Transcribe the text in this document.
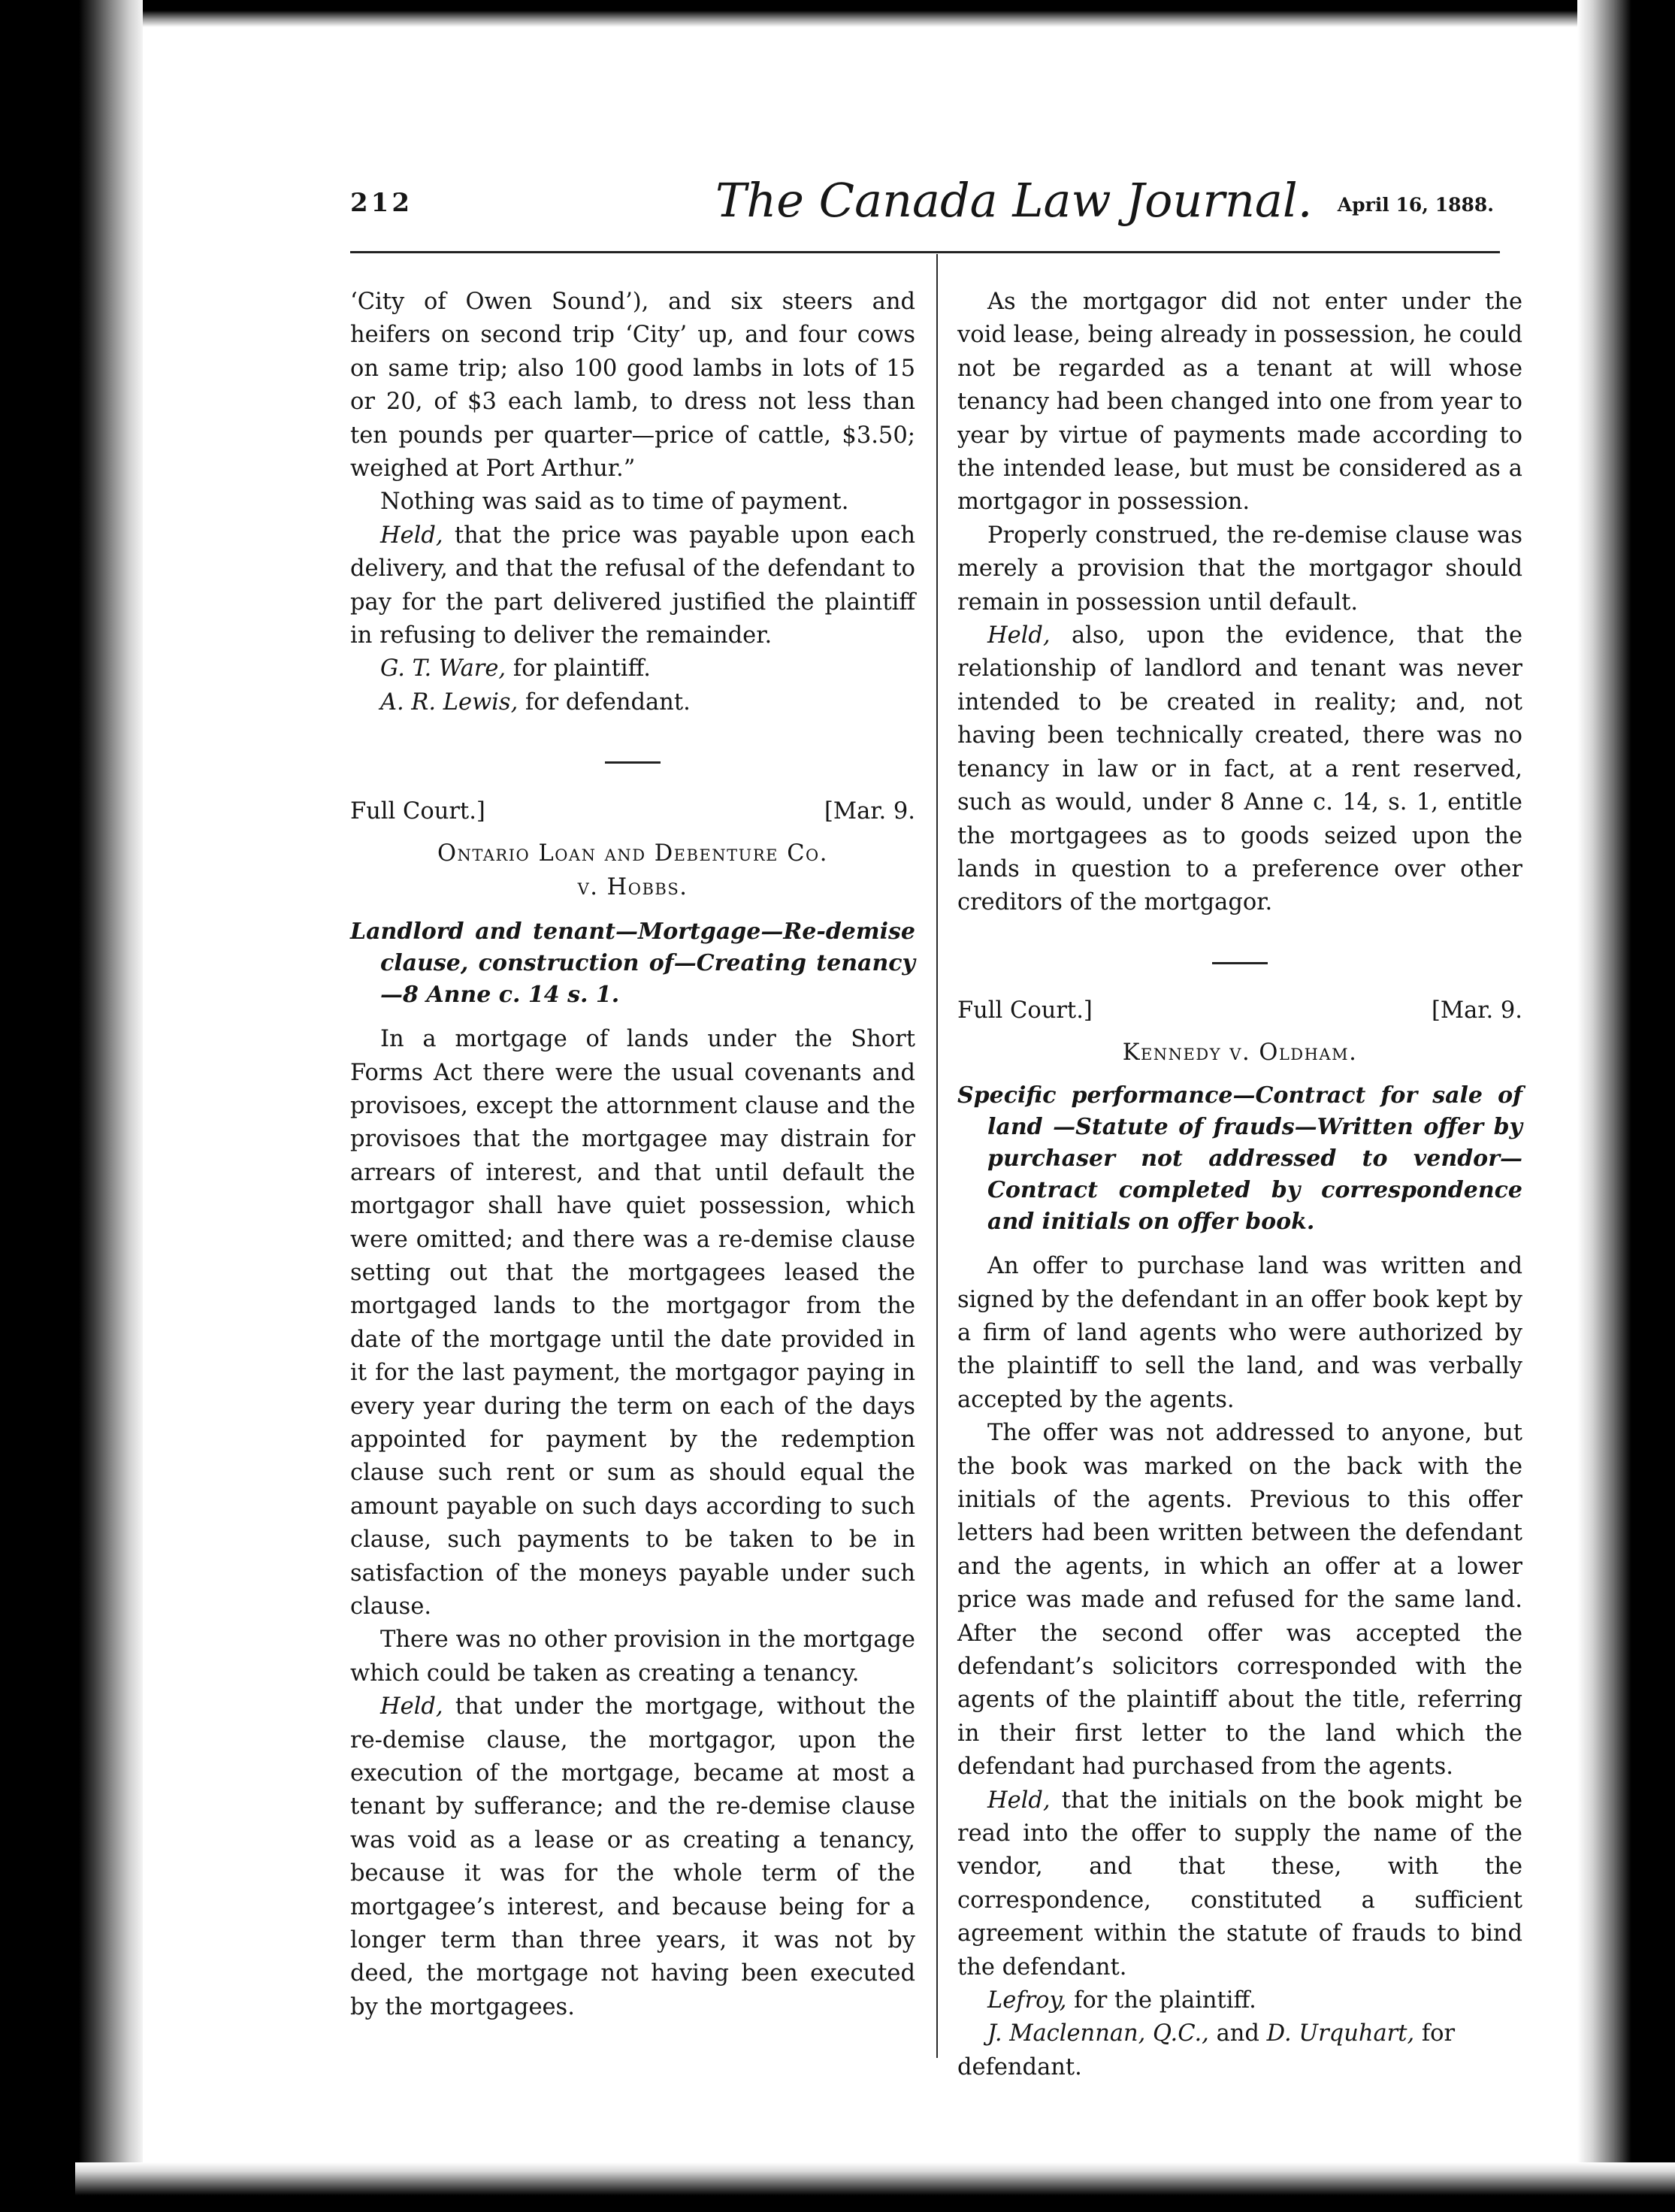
212	The Canada Law Journal. April 16, 1888.

‘City of Owen Sound’), and six steers and heifers on second trip ‘City’ up, and four cows on same trip; also 100 good lambs in lots of 15 or 20, of $3 each lamb, to dress not less than ten pounds per quarter—price of cattle, $3.50; weighed at Port Arthur.”

Nothing was said as to time of payment.

Held, that the price was payable upon each delivery, and that the refusal of the defendant to pay for the part delivered justified the plaintiff in refusing to deliver the remainder.

G. T. Ware, for plaintiff.

A. R. Lewis, for defendant.

Full Court.]	[Mar. 9.

Ontario Loan and Debenture Co.

v. Hobbs.

Landlord and tenant—Mortgage—Re-demise clause, construction of—Creating tenancy—8 Anne c. 14 s. 1.

In a mortgage of lands under the Short Forms Act there were the usual covenants and provisoes, except the attornment clause and the provisoes that the mortgagee may distrain for arrears of interest, and that until default the mortgagor shall have quiet possession, which were omitted; and there was a re-demise clause setting out that the mortgagees leased the mortgaged lands to the mortgagor from the date of the mortgage until the date provided in it for the last payment, the mortgagor paying in every year during the term on each of the days appointed for payment by the redemption clause such rent or sum as should equal the amount payable on such days according to such clause, such payments to be taken to be in satisfaction of the moneys payable under such clause.

There was no other provision in the mortgage which could be taken as creating a tenancy.

Held, that under the mortgage, without the re-demise clause, the mortgagor, upon the execution of the mortgage, became at most a tenant by sufferance; and the re-demise clause was void as a lease or as creating a tenancy, because it was for the whole term of the mortgagee’s interest, and because being for a longer term than three years, it was not by deed, the mortgage not having been executed by the mortgagees.

As the mortgagor did not enter under the void lease, being already in possession, he could not be regarded as a tenant at will whose tenancy had been changed into one from year to year by virtue of payments made according to the intended lease, but must be considered as a mortgagor in possession.

Properly construed, the re-demise clause was merely a provision that the mortgagor should remain in possession until default.

Held, also, upon the evidence, that the relationship of landlord and tenant was never intended to be created in reality; and, not having been technically created, there was no tenancy in law or in fact, at a rent reserved, such as would, under 8 Anne c. 14, s. 1, entitle the mortgagees as to goods seized upon the lands in question to a preference over other creditors of the mortgagor.

Full Court.]	[Mar. 9.

Kennedy v. Oldham.

Specific performance—Contract for sale of land —Statute of frauds—Written offer by purchaser not addressed to vendor—Contract completed by correspondence and initials on offer book.

An offer to purchase land was written and signed by the defendant in an offer book kept by a firm of land agents who were authorized by the plaintiff to sell the land, and was verbally accepted by the agents.

The offer was not addressed to anyone, but the book was marked on the back with the initials of the agents. Previous to this offer letters had been written between the defendant and the agents, in which an offer at a lower price was made and refused for the same land. After the second offer was accepted the defendant’s solicitors corresponded with the agents of the plaintiff about the title, referring in their first letter to the land which the defendant had purchased from the agents.

Held, that the initials on the book might be read into the offer to supply the name of the vendor, and that these, with the correspondence, constituted a sufficient agreement within the statute of frauds to bind the defendant.

Lefroy, for the plaintiff.

J. Maclennan, Q.C., and D. Urquhart, for defendant.
